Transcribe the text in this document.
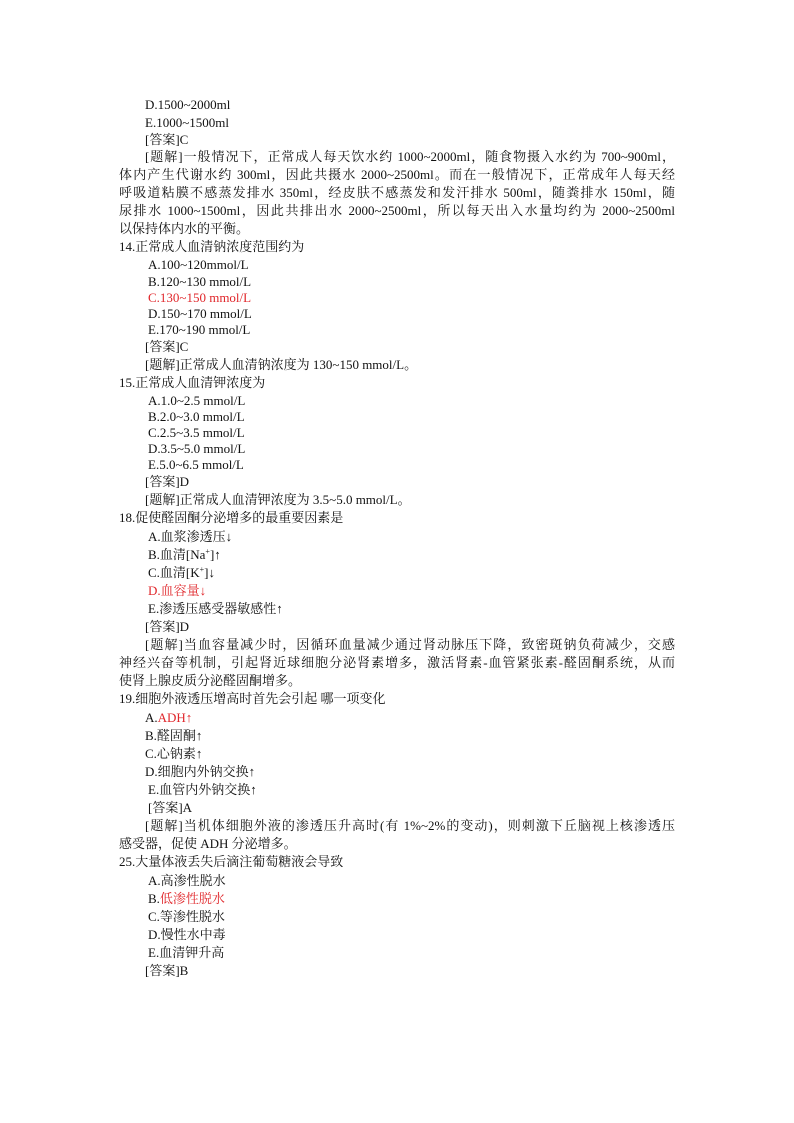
D.1500~2000ml
E.1000~1500ml
[答案]C
[题解]一般情况下，正常成人每天饮水约 1000~2000ml，随食物摄入水约为 700~900ml，
体内产生代谢水约 300ml，因此共摄水 2000~2500ml。而在一般情况下，正常成年人每天经
呼吸道粘膜不感蒸发排水 350ml，经皮肤不感蒸发和发汗排水 500ml，随粪排水 150ml，随
尿排水 1000~1500ml，因此共排出水 2000~2500ml，所以每天出入水量均约为 2000~2500ml
以保持体内水的平衡。
14.正常成人血清钠浓度范围约为
A.100~120mmol/L
B.120~130 mmol/L
C.130~150 mmol/L
D.150~170 mmol/L
E.170~190 mmol/L
[答案]C
[题解]正常成人血清钠浓度为 130~150 mmol/L。
15.正常成人血清钾浓度为
A.1.0~2.5 mmol/L
B.2.0~3.0 mmol/L
C.2.5~3.5 mmol/L
D.3.5~5.0 mmol/L
E.5.0~6.5 mmol/L
[答案]D
[题解]正常成人血清钾浓度为 3.5~5.0 mmol/L。
18.促使醛固酮分泌增多的最重要因素是
A.血浆渗透压↓
B.血清[Na+]↑
C.血清[K+]↓
D.血容量↓
E.渗透压感受器敏感性↑
[答案]D
[题解]当血容量减少时，因循环血量减少通过肾动脉压下降，致密斑钠负荷减少，交感
神经兴奋等机制，引起肾近球细胞分泌肾素增多，激活肾素-血管紧张素-醛固酮系统，从而
使肾上腺皮质分泌醛固酮增多。
19.细胞外液透压增高时首先会引起 哪一项变化
A.ADH↑
B.醛固酮↑
C.心钠素↑
D.细胞内外钠交换↑
E.血管内外钠交换↑
[答案]A
[题解]当机体细胞外液的渗透压升高时(有 1%~2%的变动)，则刺激下丘脑视上核渗透压
感受器，促使 ADH 分泌增多。
25.大量体液丢失后滴注葡萄糖液会导致
A.高渗性脱水
B.低渗性脱水
C.等渗性脱水
D.慢性水中毒
E.血清钾升高
[答案]B
